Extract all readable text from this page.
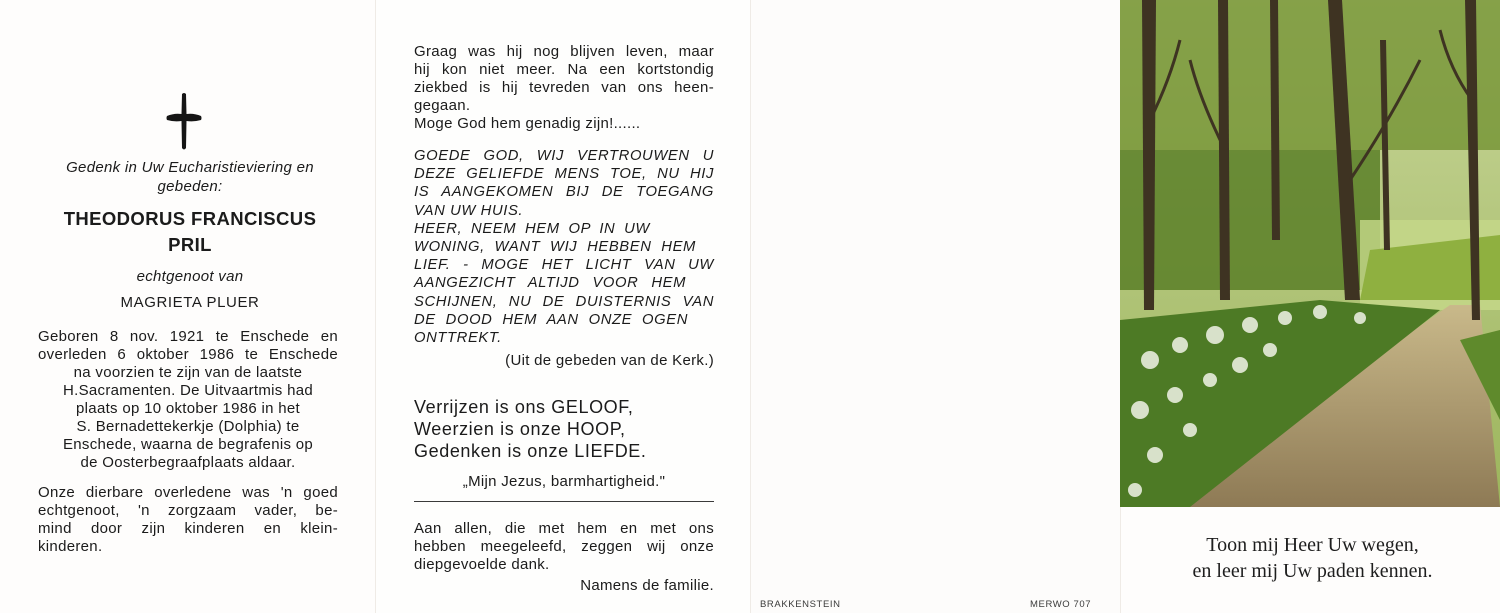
Gedenk in Uw Eucharistieviering en
gebeden:
THEODORUS FRANCISCUS
PRIL
echtgenoot van
MAGRIETA PLUER
Geboren 8 nov. 1921 te Enschede en
overleden 6 oktober 1986 te Enschede
na voorzien te zijn van de laatste
H.Sacramenten. De Uitvaartmis had
plaats op 10 oktober 1986 in het
S. Bernadettekerkje (Dolphia) te
Enschede, waarna de begrafenis op
de Oosterbegraafplaats aldaar.
Onze dierbare overledene was 'n goed
echtgenoot, 'n zorgzaam vader, be-
mind door zijn kinderen en klein-
kinderen.
Graag was hij nog blijven leven, maar
hij kon niet meer. Na een kortstondig
ziekbed is hij tevreden van ons heen-
gegaan.
Moge God hem genadig zijn!......
GOEDE GOD, WIJ VERTROUWEN U
DEZE GELIEFDE MENS TOE, NU HIJ
IS AANGEKOMEN BIJ DE TOEGANG
VAN UW HUIS.
HEER, NEEM HEM OP IN UW
WONING, WANT WIJ HEBBEN HEM
LIEF. - MOGE HET LICHT VAN UW
AANGEZICHT ALTIJD VOOR HEM
SCHIJNEN, NU DE DUISTERNIS VAN
DE DOOD HEM AAN ONZE OGEN
ONTTREKT.
(Uit de gebeden van de Kerk.)
Verrijzen is ons GELOOF,
Weerzien is onze HOOP,
Gedenken is onze LIEFDE.
„Mijn Jezus, barmhartigheid."
Aan allen, die met hem en met ons
hebben meegeleefd, zeggen wij onze
diepgevoelde dank.
Namens de familie.
BRAKKENSTEIN	MERWO 707
Toon mij Heer Uw wegen,
en leer mij Uw paden kennen.
